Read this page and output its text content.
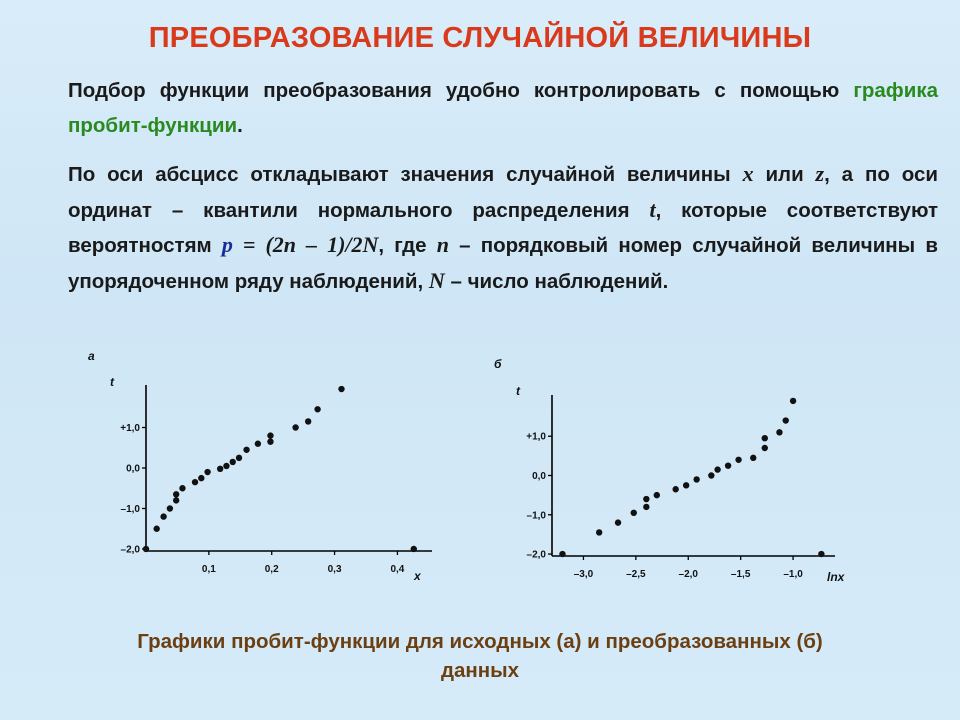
ПРЕОБРАЗОВАНИЕ СЛУЧАЙНОЙ ВЕЛИЧИНЫ
Подбор функции преобразования удобно контролировать с помощью графика пробит-функции.
По оси абсцисс откладывают значения случайной величины x или z, а по оси ординат – квантили нормального распределения t, которые соответствуют вероятностям p = (2n – 1)/2N, где n – порядковый номер случайной величины в упорядоченном ряду наблюдений, N – число наблюдений.
а
t
x
–2,0
–1,0
0,0
+1,0
0,1	0,2	0,3	0,4
б
t
lnx
–2,0
–1,0
0,0
+1,0
–3,0	–2,5	–2,0	–1,5	–1,0
Графики пробит-функции для исходных (а) и преобразованных (б)
данных
